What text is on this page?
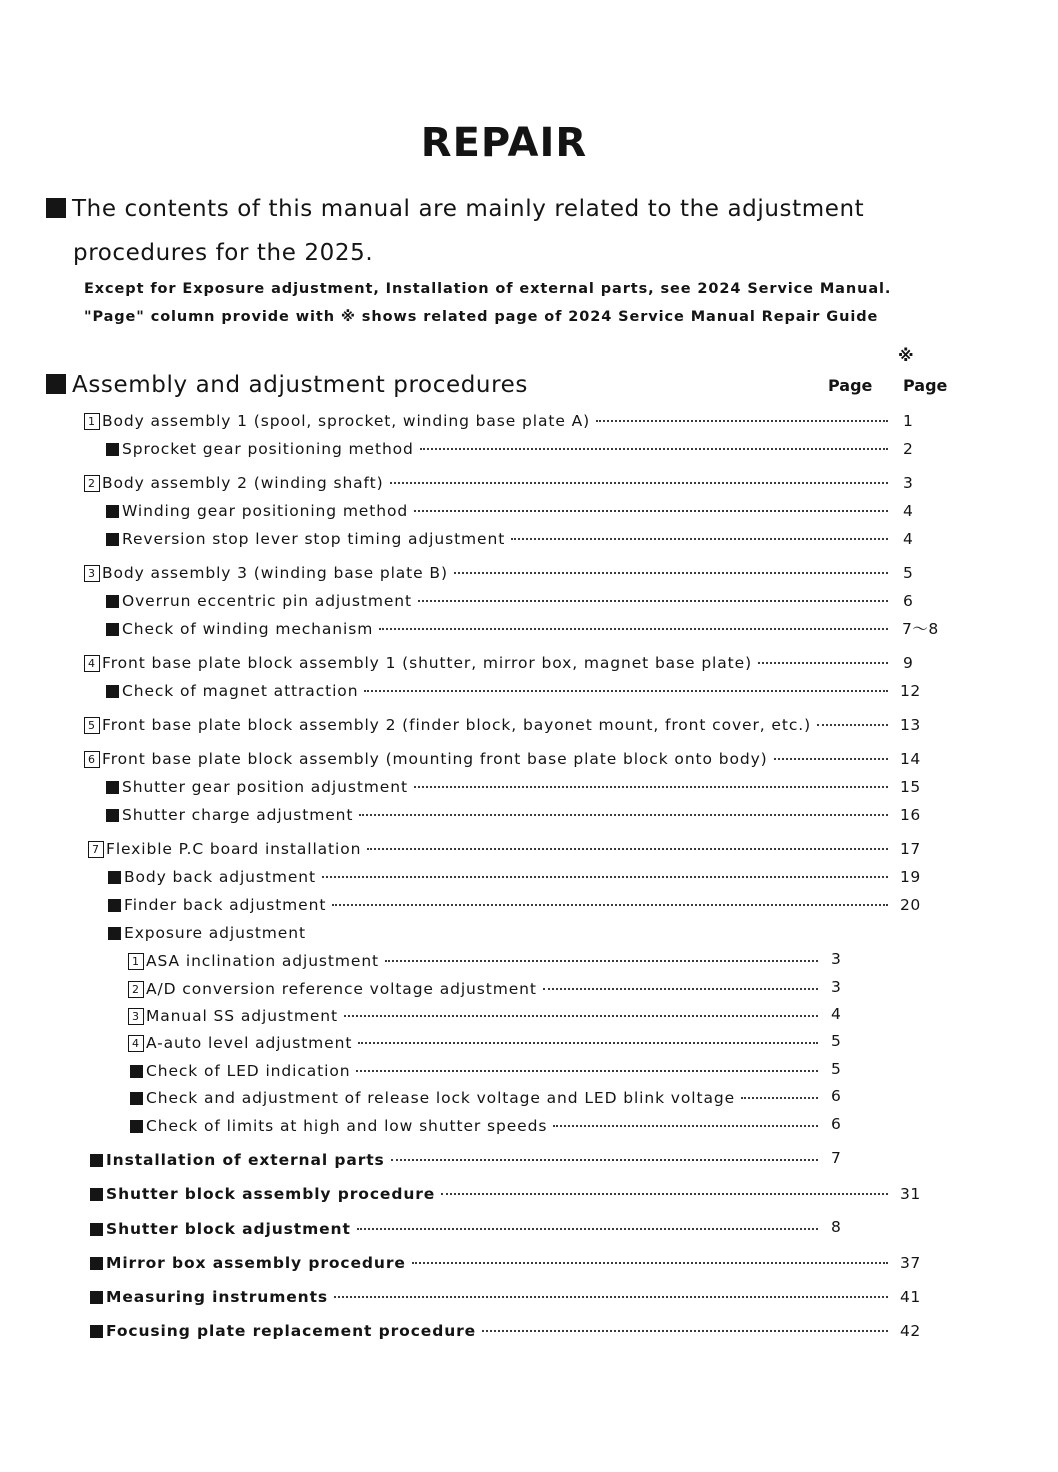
REPAIR
The contents of this manual are mainly related to the adjustment
procedures for the 2025.
Except for Exposure adjustment, Installation of external parts, see 2024 Service Manual.
"Page" column provide with ※ shows related page of 2024 Service Manual Repair Guide
Assembly and adjustment procedures	Page
※
Page
1 Body assembly 1 (spool, sprocket, winding base plate A)	1
Sprocket gear positioning method	2
2 Body assembly 2 (winding shaft)	3
Winding gear positioning method	4
Reversion stop lever stop timing adjustment	4
3 Body assembly 3 (winding base plate B)	5
Overrun eccentric pin adjustment	6
Check of winding mechanism	7～8
4 Front base plate block assembly 1 (shutter, mirror box, magnet base plate)	9
Check of magnet attraction	12
5 Front base plate block assembly 2 (finder block, bayonet mount, front cover, etc.)	13
6 Front base plate block assembly (mounting front base plate block onto body)	14
Shutter gear position adjustment	15
Shutter charge adjustment	16
7 Flexible P.C board installation	17
Body back adjustment	19
Finder back adjustment	20
Exposure adjustment
1 ASA inclination adjustment	3
2 A/D conversion reference voltage adjustment	3
3 Manual SS adjustment	4
4 A-auto level adjustment	5
Check of LED indication	5
Check and adjustment of release lock voltage and LED blink voltage	6
Check of limits at high and low shutter speeds	6
Installation of external parts	7
Shutter block assembly procedure	31
Shutter block adjustment	8
Mirror box assembly procedure	37
Measuring instruments	41
Focusing plate replacement procedure	42
